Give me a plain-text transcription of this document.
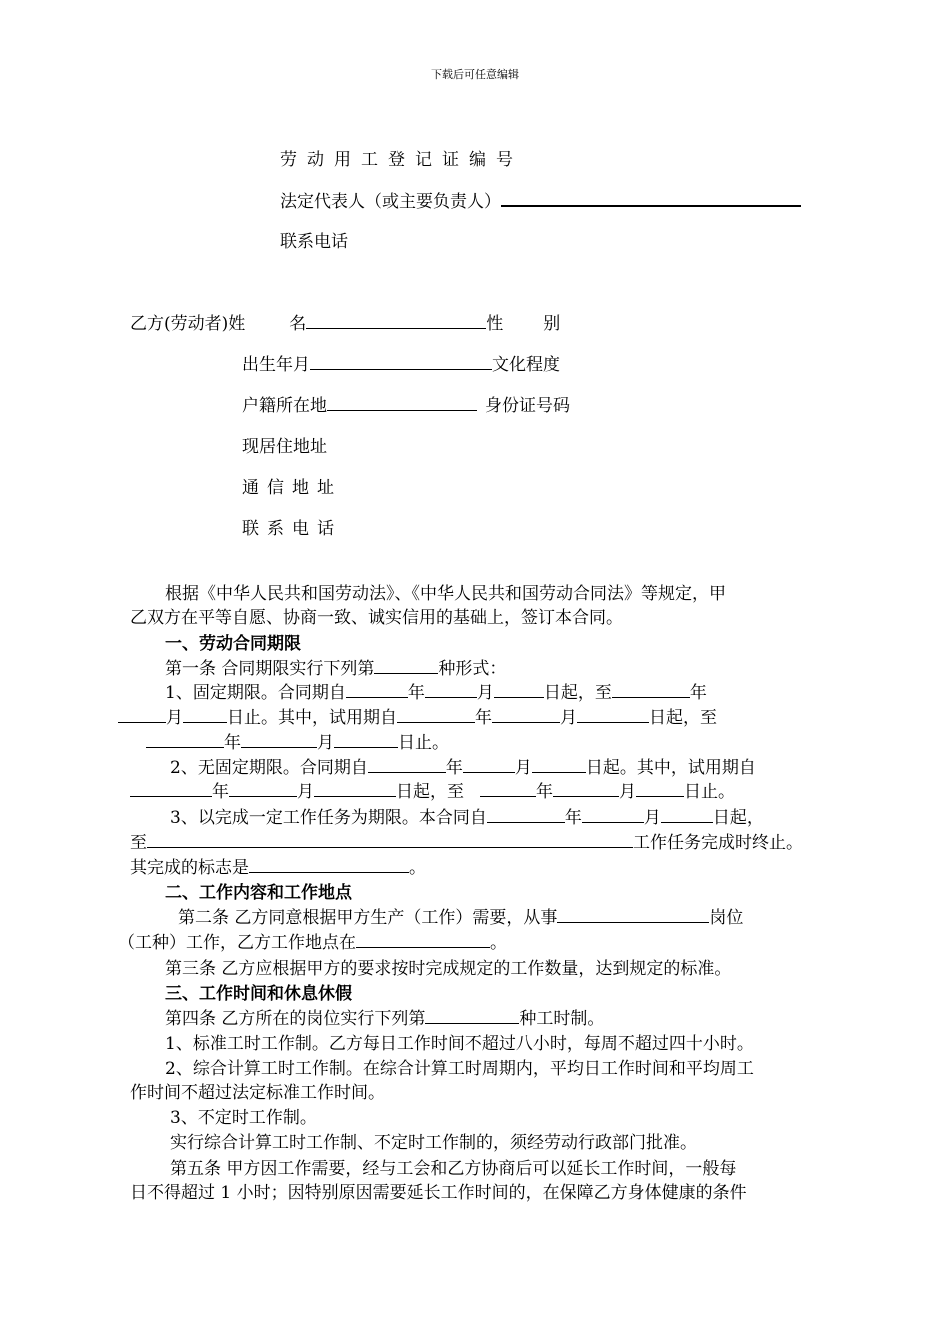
下载后可任意编辑
劳动用工登记证编号
法定代表人（或主要负责人）
联系电话
乙方(劳动者)姓	名	性 别
出生年月	文化程度
户籍所在地	身份证号码
现居住地址
通信地址
联系电话
根据《中华人民共和国劳动法》、《中华人民共和国劳动合同法》等规定，甲
乙双方在平等自愿、协商一致、诚实信用的基础上，签订本合同。
一、劳动合同期限
第一条 合同期限实行下列第	种形式：
1、固定期限。合同期自	年	月	日起，至	年
月	日止。其中，试用期自	年	月	日起，至
年	月	日止。
2、无固定期限。合同期自	年	月	日起。其中，试用期自
年	月	日起，至	年	月	日止。
3、以完成一定工作任务为期限。本合同自	年	月	日起，
至	工作任务完成时终止。
其完成的标志是	。
二、工作内容和工作地点
第二条 乙方同意根据甲方生产（工作）需要，从事	岗位
（工种）工作，乙方工作地点在	。
第三条 乙方应根据甲方的要求按时完成规定的工作数量，达到规定的标准。
三、工作时间和休息休假
第四条 乙方所在的岗位实行下列第	种工时制。
1、标准工时工作制。乙方每日工作时间不超过八小时，每周不超过四十小时。
2、综合计算工时工作制。在综合计算工时周期内，平均日工作时间和平均周工
作时间不超过法定标准工作时间。
3、不定时工作制。
实行综合计算工时工作制、不定时工作制的，须经劳动行政部门批准。
第五条 甲方因工作需要，经与工会和乙方协商后可以延长工作时间，一般每
日不得超过 1 小时；因特别原因需要延长工作时间的，在保障乙方身体健康的条件
